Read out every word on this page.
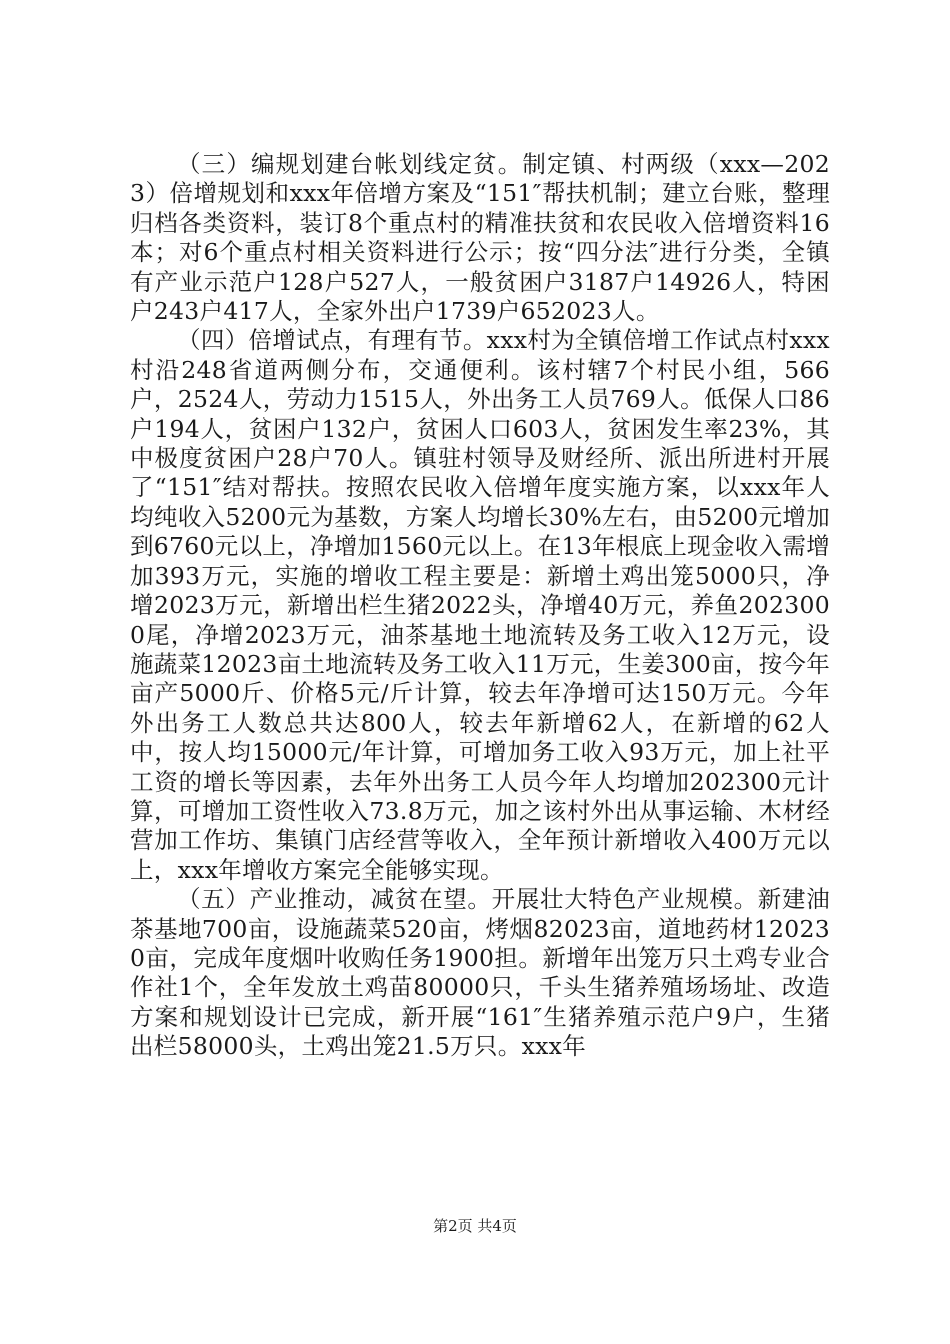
（三）编规划建台帐划线定贫。制定镇、村两级（xxx—2023）倍增规划和xxx年倍增方案及“151″帮扶机制；建立台账，整理归档各类资料，装订8个重点村的精准扶贫和农民收入倍增资料16本；对6个重点村相关资料进行公示；按“四分法″进行分类，全镇有产业示范户128户527人，一般贫困户3187户14926人，特困户243户417人，全家外出户1739户652023人。

（四）倍增试点，有理有节。xxx村为全镇倍增工作试点村xxx村沿248省道两侧分布，交通便利。该村辖7个村民小组，566户，2524人，劳动力1515人，外出务工人员769人。低保人口86户194人，贫困户132户，贫困人口603人，贫困发生率23%，其中极度贫困户28户70人。镇驻村领导及财经所、派出所进村开展了“151″结对帮扶。按照农民收入倍增年度实施方案，以xxx年人均纯收入5200元为基数，方案人均增长30%左右，由5200元增加到6760元以上，净增加1560元以上。在13年根底上现金收入需增加393万元，实施的增收工程主要是：新增土鸡出笼5000只，净增2023万元，新增出栏生猪2022头，净增40万元，养鱼2023000尾，净增2023万元，油茶基地土地流转及务工收入12万元，设施蔬菜12023亩土地流转及务工收入11万元，生姜300亩，按今年亩产5000斤、价格5元/斤计算，较去年净增可达150万元。今年外出务工人数总共达800人，较去年新增62人，在新增的62人中，按人均15000元/年计算，可增加务工收入93万元，加上社平工资的增长等因素，去年外出务工人员今年人均增加202300元计算，可增加工资性收入73.8万元，加之该村外出从事运输、木材经营加工作坊、集镇门店经营等收入，全年预计新增收入400万元以上，xxx年增收方案完全能够实现。

（五）产业推动，减贫在望。开展壮大特色产业规模。新建油茶基地700亩，设施蔬菜520亩，烤烟82023亩，道地药材120230亩，完成年度烟叶收购任务1900担。新增年出笼万只土鸡专业合作社1个，全年发放土鸡苗80000只，千头生猪养殖场场址、改造方案和规划设计已完成，新开展“161″生猪养殖示范户9户，生猪出栏58000头，土鸡出笼21.5万只。xxx年

第2页 共4页
